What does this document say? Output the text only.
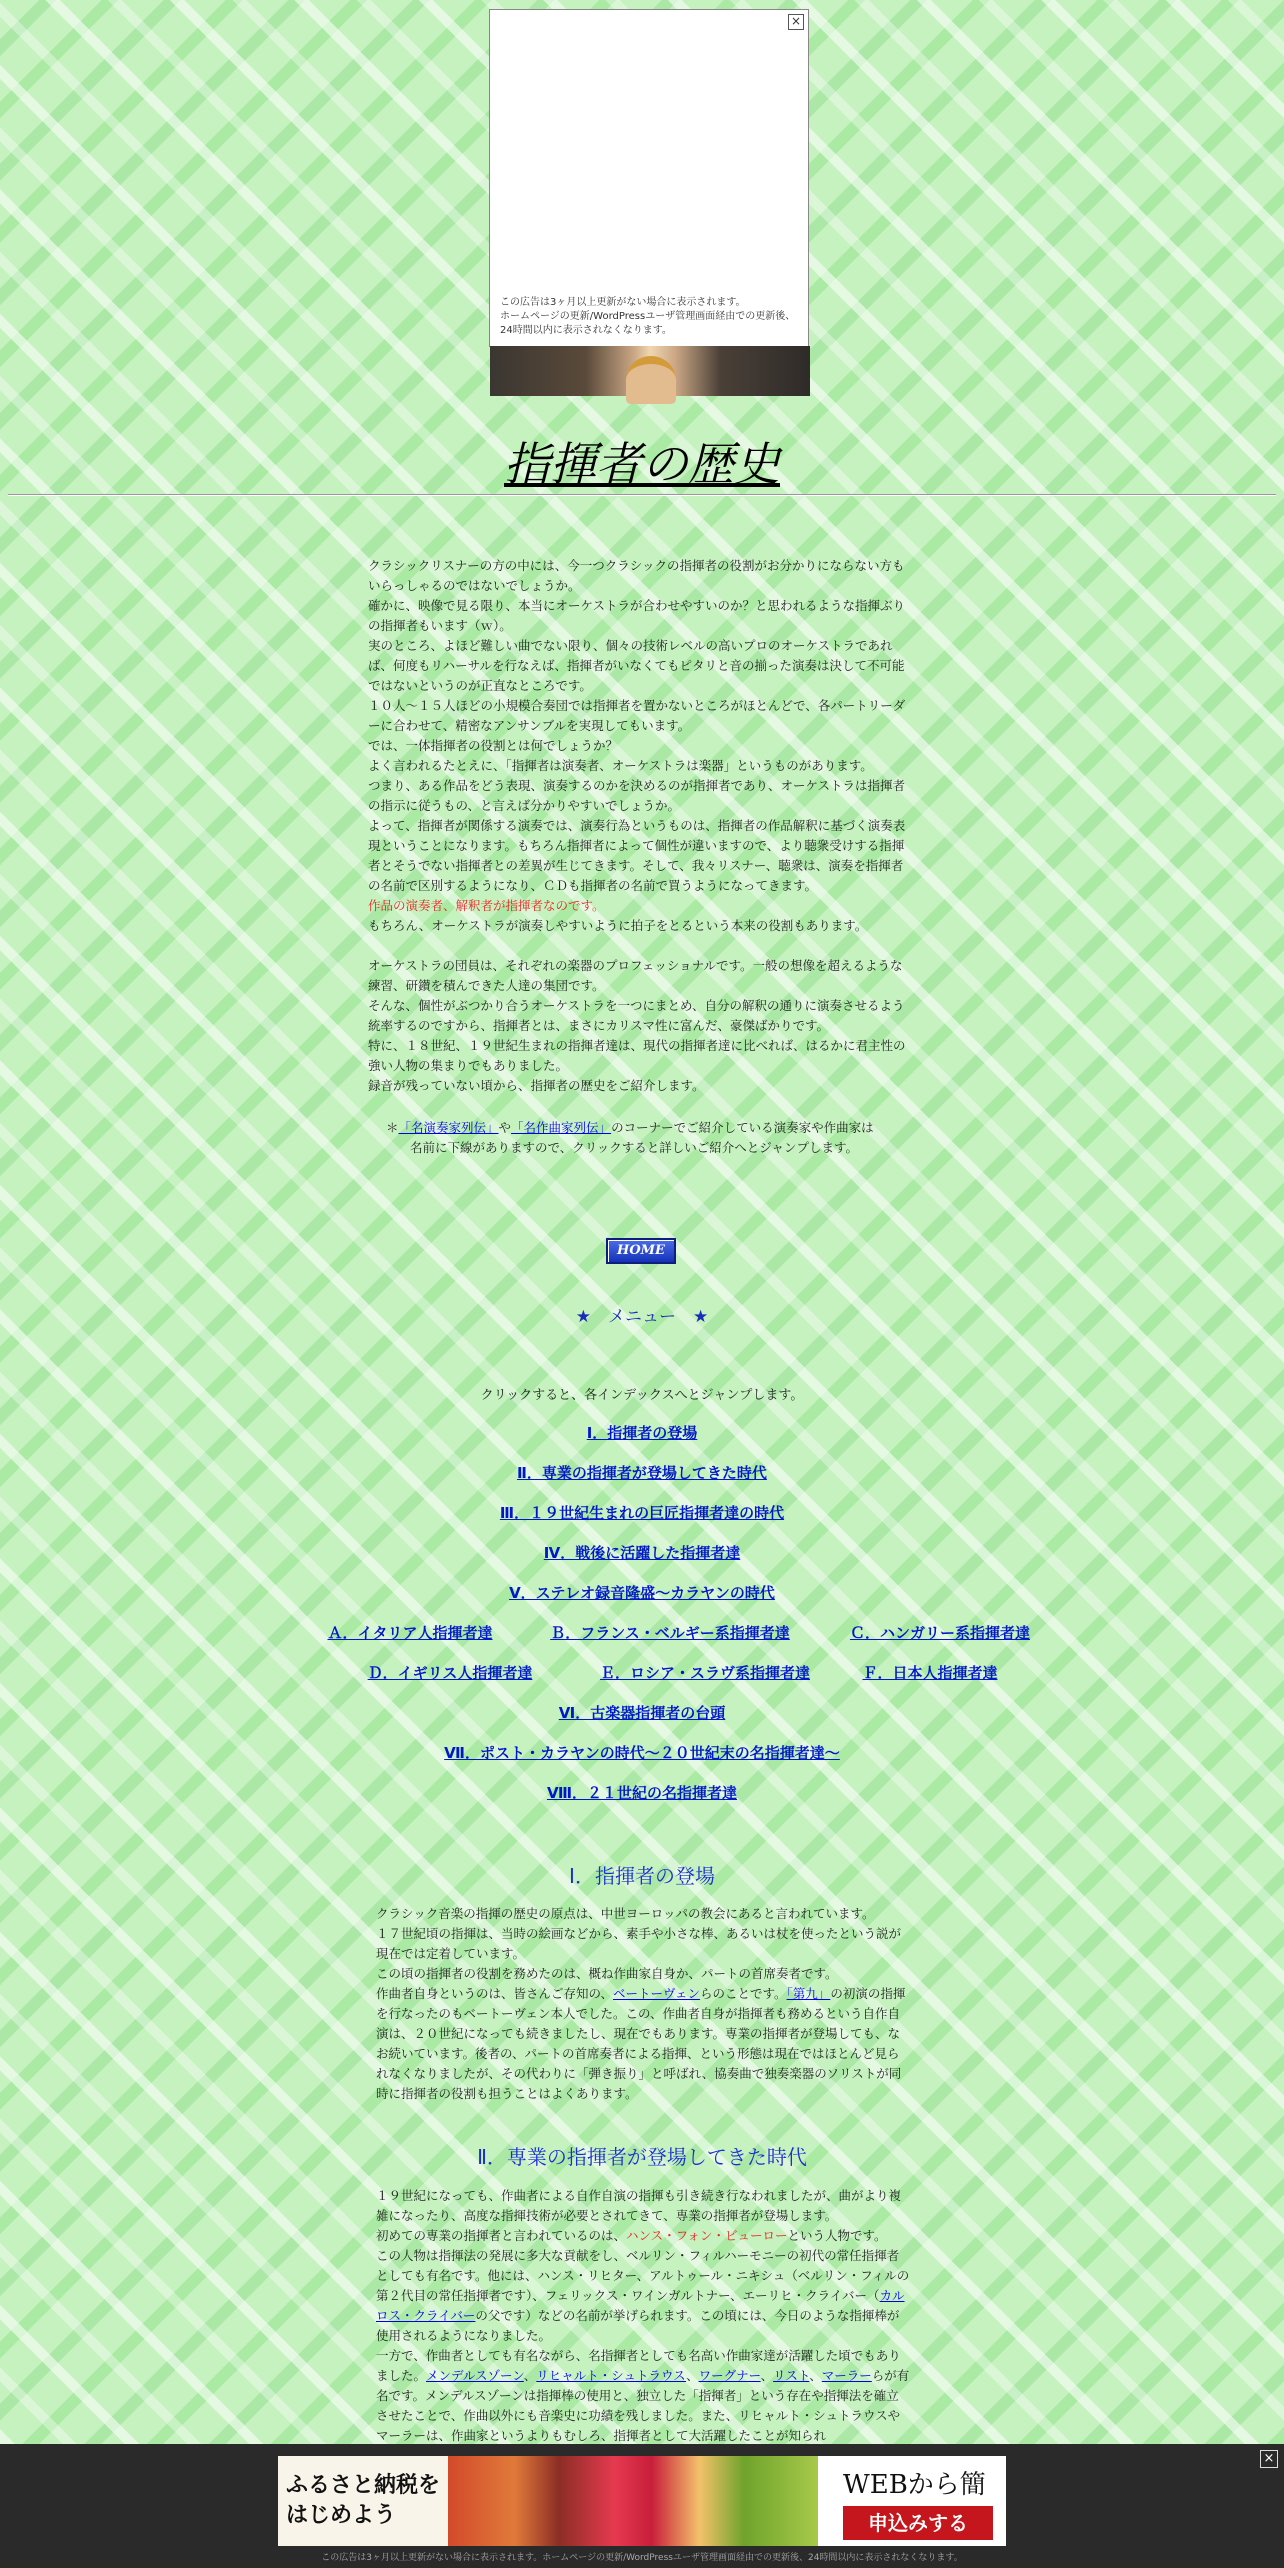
×
この広告は3ヶ月以上更新がない場合に表示されます。
ホームページの更新/WordPressユーザ管理画面経由での更新後、
24時間以内に表示されなくなります。
指揮者の歴史

クラシックリスナーの方の中には、今一つクラシックの指揮者の役割がお分かりにならない方もいらっしゃるのではないでしょうか。

確かに、映像で見る限り、本当にオーケストラが合わせやすいのか？と思われるような指揮ぶりの指揮者もいます（ｗ）。

実のところ、よほど難しい曲でない限り、個々の技術レベルの高いプロのオーケストラであれば、何度もリハーサルを行なえば、指揮者がいなくてもピタリと音の揃った演奏は決して不可能ではないというのが正直なところです。

１０人～１５人ほどの小規模合奏団では指揮者を置かないところがほとんどで、各パートリーダーに合わせて、精密なアンサンブルを実現してもいます。

では、一体指揮者の役割とは何でしょうか？

よく言われるたとえに、「指揮者は演奏者、オーケストラは楽器」というものがあります。

つまり、ある作品をどう表現、演奏するのかを決めるのが指揮者であり、オーケストラは指揮者の指示に従うもの、と言えば分かりやすいでしょうか。

よって、指揮者が関係する演奏では、演奏行為というものは、指揮者の作品解釈に基づく演奏表現ということになります。もちろん指揮者によって個性が違いますので、より聴衆受けする指揮者とそうでない指揮者との差異が生じてきます。そして、我々リスナー、聴衆は、演奏を指揮者の名前で区別するようになり、ＣＤも指揮者の名前で買うようになってきます。

作品の演奏者、解釈者が指揮者なのです。

もちろん、オーケストラが演奏しやすいように拍子をとるという本来の役割もあります。

オーケストラの団員は、それぞれの楽器のプロフェッショナルです。一般の想像を超えるような練習、研鑚を積んできた人達の集団です。

そんな、個性がぶつかり合うオーケストラを一つにまとめ、自分の解釈の通りに演奏させるよう統率するのですから、指揮者とは、まさにカリスマ性に富んだ、豪傑ばかりです。

特に、１８世紀、１９世紀生まれの指揮者達は、現代の指揮者達に比べれば、はるかに君主性の強い人物の集まりでもありました。

録音が残っていない頃から、指揮者の歴史をご紹介します。

＊「名演奏家列伝」や「名作曲家列伝」のコーナーでご紹介している演奏家や作曲家は
名前に下線がありますので、クリックすると詳しいご紹介へとジャンプします。
HOME
★　メニュー　★
クリックすると、各インデックスへとジャンプします。
Ⅰ．指揮者の登場
Ⅱ．専業の指揮者が登場してきた時代
Ⅲ．１９世紀生まれの巨匠指揮者達の時代
Ⅳ．戦後に活躍した指揮者達
Ⅴ．ステレオ録音隆盛～カラヤンの時代
Ａ．イタリア人指揮者達	Ｂ．フランス・ベルギー系指揮者達	Ｃ．ハンガリー系指揮者達
Ｄ．イギリス人指揮者達	Ｅ．ロシア・スラヴ系指揮者達	Ｆ．日本人指揮者達
Ⅵ．古楽器指揮者の台頭
Ⅶ．ポスト・カラヤンの時代～２０世紀末の名指揮者達～
Ⅷ．２１世紀の名指揮者達
Ⅰ．指揮者の登場

クラシック音楽の指揮の歴史の原点は、中世ヨーロッパの教会にあると言われています。

１７世紀頃の指揮は、当時の絵画などから、素手や小さな棒、あるいは杖を使ったという説が現在では定着しています。

この頃の指揮者の役割を務めたのは、概ね作曲家自身か、パートの首席奏者です。

作曲者自身というのは、皆さんご存知の、ベートーヴェンらのことです。「第九」の初演の指揮を行なったのもベートーヴェン本人でした。この、作曲者自身が指揮者も務めるという自作自演は、２０世紀になっても続きましたし、現在でもあります。専業の指揮者が登場しても、なお続いています。後者の、パートの首席奏者による指揮、という形態は現在ではほとんど見られなくなりましたが、その代わりに「弾き振り」と呼ばれ、協奏曲で独奏楽器のソリストが同時に指揮者の役割も担うことはよくあります。

Ⅱ．専業の指揮者が登場してきた時代

１９世紀になっても、作曲者による自作自演の指揮も引き続き行なわれましたが、曲がより複雑になったり、高度な指揮技術が必要とされてきて、専業の指揮者が登場します。

初めての専業の指揮者と言われているのは、ハンス・フォン・ビューローという人物です。

この人物は指揮法の発展に多大な貢献をし、ベルリン・フィルハーモニーの初代の常任指揮者としても有名です。他には、ハンス・リヒター、アルトゥール・ニキシュ（ベルリン・フィルの第２代目の常任指揮者です）、フェリックス・ワインガルトナー、エーリヒ・クライバー（カルロス・クライバーの父です）などの名前が挙げられます。この頃には、今日のような指揮棒が使用されるようになりました。

一方で、作曲者としても有名ながら、名指揮者としても名高い作曲家達が活躍した頃でもありました。メンデルスゾーン、リヒャルト・シュトラウス、ワーグナー、リスト、マーラーらが有名です。メンデルスゾーンは指揮棒の使用と、独立した「指揮者」という存在や指揮法を確立させたことで、作曲以外にも音楽史に功績を残しました。また、リヒャルト・シュトラウスやマーラーは、作曲家というよりもむしろ、指揮者として大活躍したことが知られ

×
ふるさと納税を
はじめよう
WEBから簡
申込みする
この広告は3ヶ月以上更新がない場合に表示されます。ホームページの更新/WordPressユーザ管理画面経由での更新後、24時間以内に表示されなくなります。
